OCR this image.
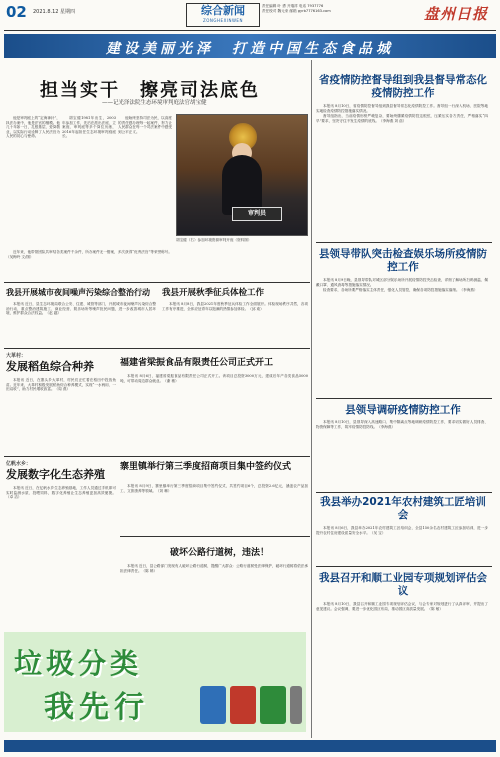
02 2021.8.12 星期四	综合新闻
ZONGHEXINWEN
责任编辑 叶 勇 开瑞祥 电话 7937776
责任校对 魏元来 邮箱 gyrb7776163.com	盘州日报
建设美丽光泽　打造中国生态食品城
担当实干　擦亮司法底色
——记光泽法院生态环境审判庭法官胡宝健

他是审判庭上的“定海神针”，执法办案中，他是法官的楷模。他几十年如一日，扎根基层、爱岗敬业，以实际行动诠释了人民法官为人民的初心与使命。

胡宝健1981年出生，2003年参加工作，先后在派出法庭、立案庭、审判庭等多个岗位历练，2016年起担任生态环境审判庭庭长。

他始终坚持司法为民，以高度的责任感办理每一起案件，努力让人民群众在每一个司法案件中感受到公平正义。

近年来，他带领团队共审结各类案件千余件，所办案件无一错案，多次获得“优秀法官”等荣誉称号。（吴梅玲 文/图）

审判员
胡宝健（右）参加环境资源审判开庭（资料图）
省疫情防控督导组到我县督导常态化疫情防控工作

本报讯 8月10日，省疫情防控督导组到我县督导常态化疫情防控工作。督导组一行深入机场、医院等地实地检查疫情防控措施落实情况。

督导组指出，当前疫情形势严峻复杂，要始终绷紧疫情防控这根弦，压紧压实各方责任，严格落实“四早”要求，坚决守住不发生疫情的底线。（李海燕 刘 蓓）

县领导带队突击检查娱乐场所疫情防控工作

本报讯 8月9日晚，县领导带队对城区部分娱乐场所开展疫情防控突击检查，详细了解场所扫码测温、佩戴口罩、通风消毒等措施落实情况。

检查要求，各场所要严格落实主体责任，强化人员管控，确保各项防控措施落实落细。（李海燕）

县领导调研疫情防控工作

本报讯 8月10日，县领导深入高速路口、集中隔离点等地调研疫情防控工作，要求切实做好人员排查、物资保障等工作，筑牢疫情防控防线。（李海燕）

我县举办2021年农村建筑工匠培训会

本报讯 8月6日，我县举办2021年农村建筑工匠培训会，全县150余名农村建筑工匠参加培训，进一步提升农村住房建设质量安全水平。（吴 宝）

我县召开和顺工业园专项规划评估会议

本报讯 8月10日，我县召开和顺工业园专项规划评估会议，与会专家对规划进行了认真评审，并提出了意见建议。会议强调，要进一步优化园区布局，推动园区高质量发展。（陈 敏）

我县开展城市夜间噪声污染综合整治行动

本报讯 近日，县生态环境局联合公安、住建、城管等部门，开展城市夜间噪声污染综合整治行动，重点整治建筑施工、商业经营、娱乐场所等噪声扰民问题，进一步改善城市人居环境，维护群众合法权益。（赵 越）

我县开展秋季征兵体检工作

本报讯 8月8日，我县2021年度秋季征兵体检工作全面展开。体检现场秩序井然，各项工作有序推进，全体应征青年以饱满的热情参加体检。（邱 欢）

大革村：
发展稻鱼综合种养

本报讯 近日，在寨头乡大革村，村民们正忙着在稻田中投放鱼苗。近年来，大革村积极发展稻鱼综合种养模式，实现“一水两用、一田双收”，助力村民增收致富。（周 燕）

福建省梁振食品有限责任公司正式开工

本报讯 8月6日，福建省梁振食品有限责任公司正式开工。该项目总投资3000万元，建成后年产各类食品5000吨，可带动周边群众就业。（谢 敏）

亿帆水乡：
发展数字化生态养殖

本报讯 近日，在亿帆水乡生态养殖基地，工作人员通过手机即可实时监测水质、投喂饲料，数字化养殖让生态养殖更加高效便捷。（卓 洁）

寨里镇举行第三季度招商项目集中签约仪式

本报讯 8月9日，寨里镇举行第三季度招商项目集中签约仪式，共签约项目6个，总投资2.6亿元，涵盖农产品加工、文旅康养等领域。（刘 琳）

破坏公路行道树，违法！

本报讯 近日，县公路部门发现有人破坏公路行道树，提醒广大群众：公路行道树受法律保护，破坏行道树将依法承担法律责任。（陈 嫣）

垃圾分类
我先行
